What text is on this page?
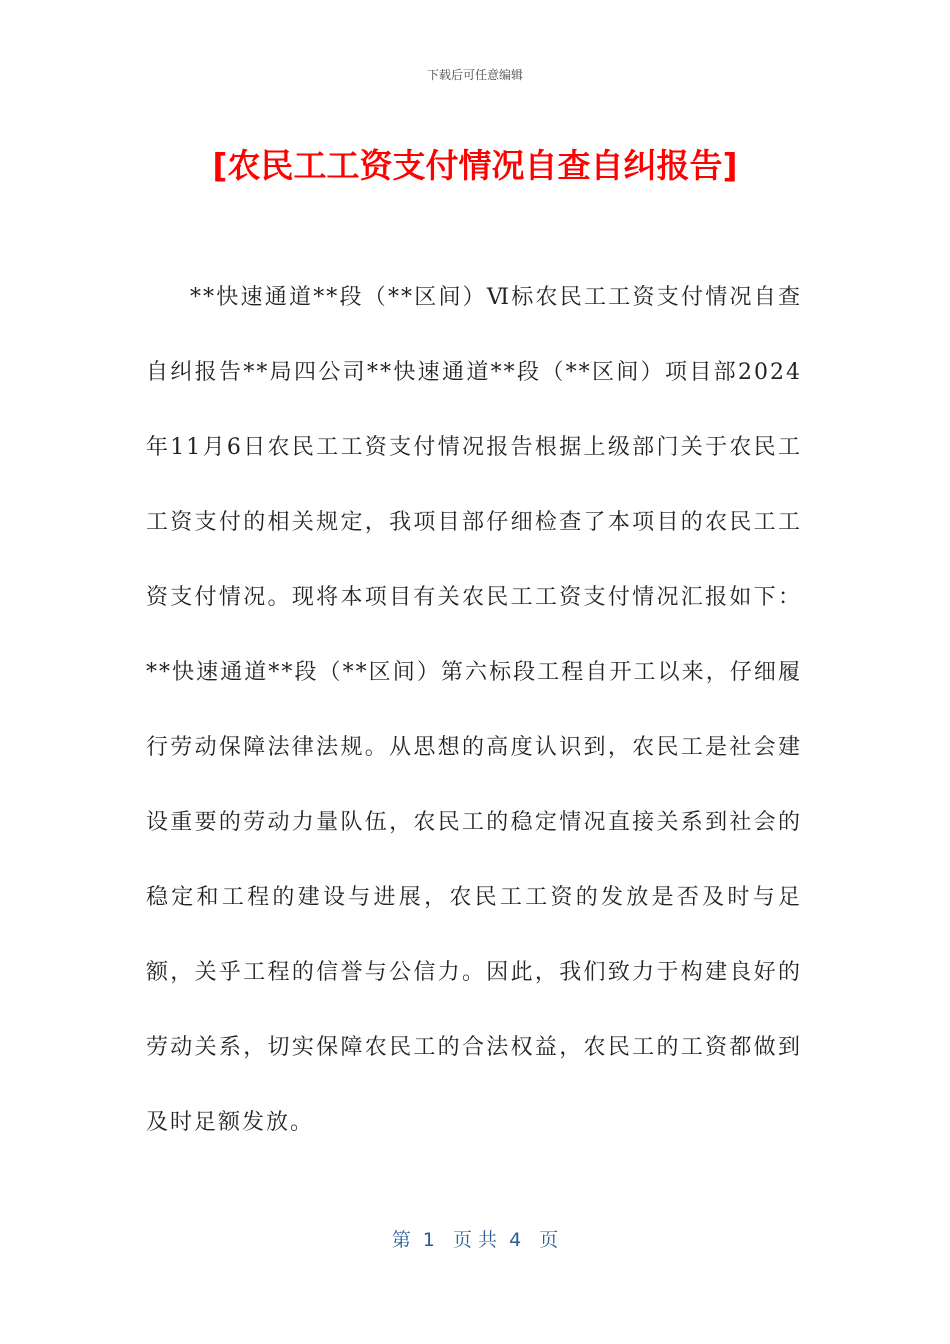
下载后可任意编辑
[农民工工资支付情况自查自纠报告]

**快速通道**段（**区间）Ⅵ标农民工工资支付情况自查自纠报告**局四公司**快速通道**段（**区间）项目部2024年11月6日农民工工资支付情况报告根据上级部门关于农民工工资支付的相关规定，我项目部仔细检查了本项目的农民工工资支付情况。现将本项目有关农民工工资支付情况汇报如下：**快速通道**段（**区间）第六标段工程自开工以来，仔细履行劳动保障法律法规。从思想的高度认识到，农民工是社会建设重要的劳动力量队伍，农民工的稳定情况直接关系到社会的稳定和工程的建设与进展，农民工工资的发放是否及时与足额，关乎工程的信誉与公信力。因此，我们致力于构建良好的劳动关系，切实保障农民工的合法权益，农民工的工资都做到及时足额发放。

第  1   页 共  4   页
